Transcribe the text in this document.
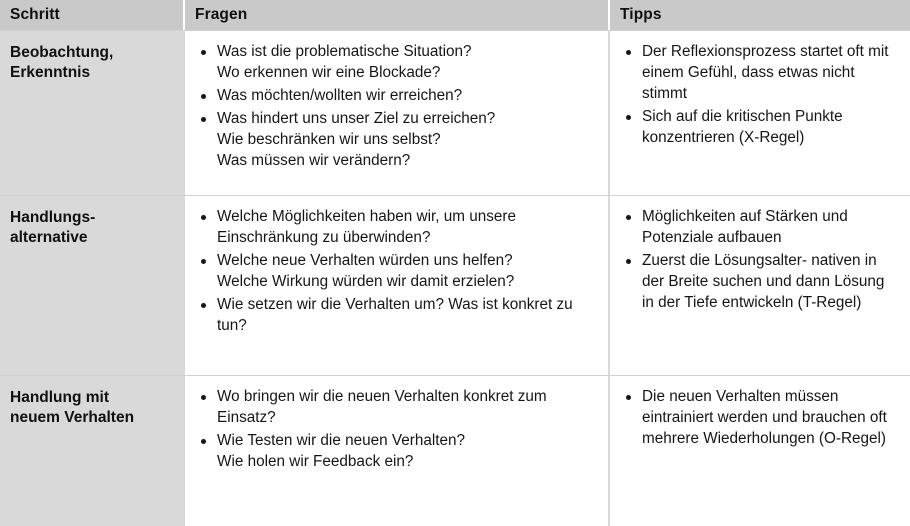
Schritt	Fragen	Tipps
Beobachtung,
Erkenntnis
Was ist die problematische Situation?
Wo erkennen wir eine Blockade?
Was möchten/wollten wir erreichen?
Was hindert uns unser Ziel zu erreichen?
Wie beschränken wir uns selbst?
Was müssen wir verändern?
Der Reflexionsprozess startet oft mit einem Gefühl, dass etwas nicht stimmt
Sich auf die kritischen Punkte konzentrieren (X-Regel)
Handlungs-
alternative
Welche Möglichkeiten haben wir, um unsere Einschränkung zu überwinden?
Welche neue Verhalten würden uns helfen?
Welche Wirkung würden wir damit erzielen?
Wie setzen wir die Verhalten um? Was ist konkret zu tun?
Möglichkeiten auf Stärken und Potenziale aufbauen
Zuerst die Lösungsalter- nativen in der Breite suchen und dann Lösung in der Tiefe entwickeln (T-Regel)
Handlung mit
neuem Verhalten
Wo bringen wir die neuen Verhalten konkret zum Einsatz?
Wie Testen wir die neuen Verhalten?
Wie holen wir Feedback ein?
Die neuen Verhalten müssen eintrainiert werden und brauchen oft mehrere Wiederholungen (O-Regel)
